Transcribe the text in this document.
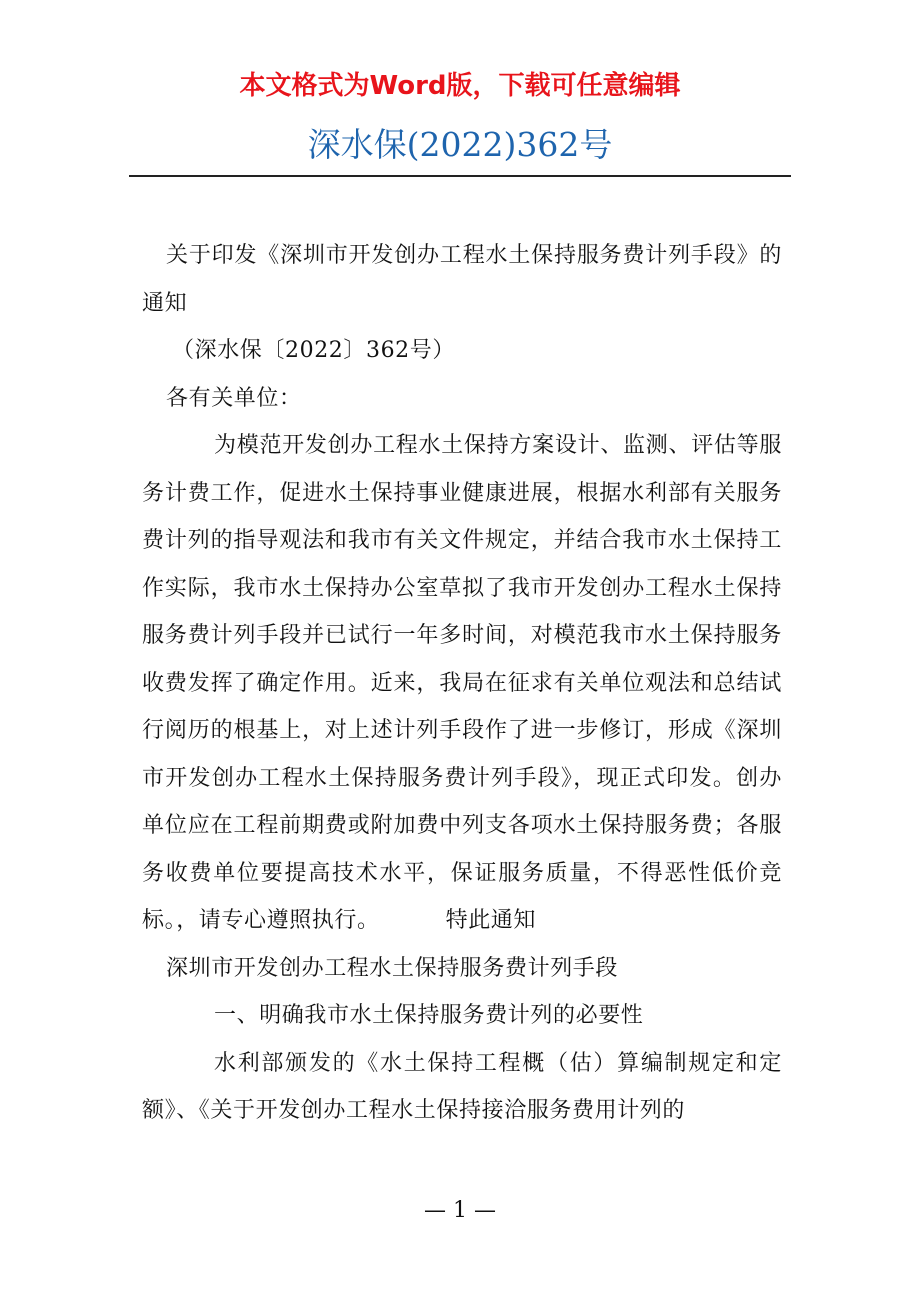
本文格式为Word版，下载可任意编辑
深水保(2022)362号

关于印发《深圳市开发创办工程水土保持服务费计列手段》的通知

（深水保〔2022〕362号）

各有关单位：

为模范开发创办工程水土保持方案设计、监测、评估等服务计费工作，促进水土保持事业健康进展，根据水利部有关服务费计列的指导观法和我市有关文件规定，并结合我市水土保持工作实际，我市水土保持办公室草拟了我市开发创办工程水土保持服务费计列手段并已试行一年多时间，对模范我市水土保持服务收费发挥了确定作用。近来，我局在征求有关单位观法和总结试行阅历的根基上，对上述计列手段作了进一步修订，形成《深圳市开发创办工程水土保持服务费计列手段》，现正式印发。创办单位应在工程前期费或附加费中列支各项水土保持服务费；各服务收费单位要提高技术水平，保证服务质量，不得恶性低价竞标。，请专心遵照执行。	特此通知

深圳市开发创办工程水土保持服务费计列手段

一、明确我市水土保持服务费计列的必要性

水利部颁发的《水土保持工程概（估）算编制规定和定额》、《关于开发创办工程水土保持接洽服务费用计列的

— 1 —
